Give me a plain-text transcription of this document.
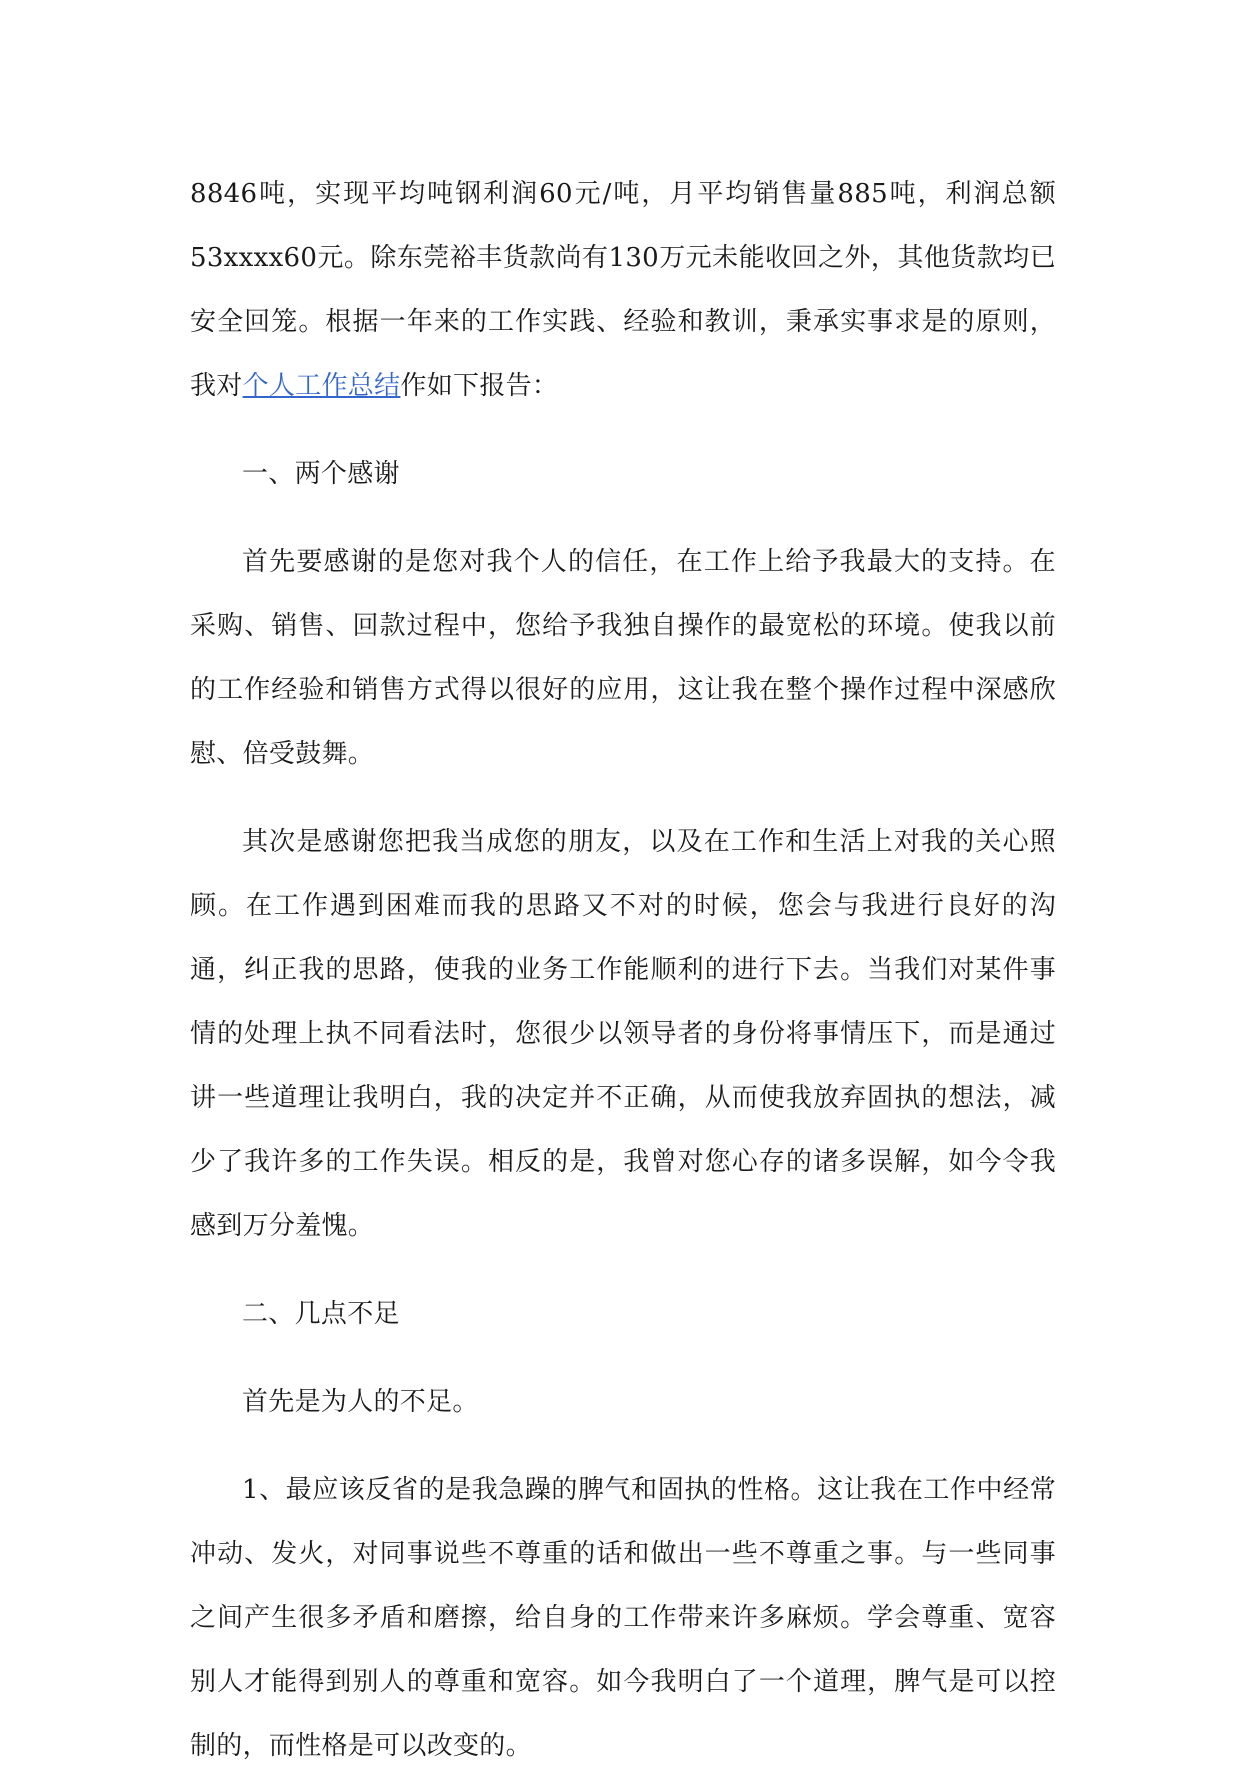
8846吨，实现平均吨钢利润60元/吨，月平均销售量885吨，利润总额53xxxx60元。除东莞裕丰货款尚有130万元未能收回之外，其他货款均已安全回笼。根据一年来的工作实践、经验和教训，秉承实事求是的原则，我对个人工作总结作如下报告：

一、两个感谢

首先要感谢的是您对我个人的信任，在工作上给予我最大的支持。在采购、销售、回款过程中，您给予我独自操作的最宽松的环境。使我以前的工作经验和销售方式得以很好的应用，这让我在整个操作过程中深感欣慰、倍受鼓舞。

其次是感谢您把我当成您的朋友，以及在工作和生活上对我的关心照顾。在工作遇到困难而我的思路又不对的时候，您会与我进行良好的沟通，纠正我的思路，使我的业务工作能顺利的进行下去。当我们对某件事情的处理上执不同看法时，您很少以领导者的身份将事情压下，而是通过讲一些道理让我明白，我的决定并不正确，从而使我放弃固执的想法，减少了我许多的工作失误。相反的是，我曾对您心存的诸多误解，如今令我感到万分羞愧。

二、几点不足

首先是为人的不足。

1、最应该反省的是我急躁的脾气和固执的性格。这让我在工作中经常冲动、发火，对同事说些不尊重的话和做出一些不尊重之事。与一些同事之间产生很多矛盾和磨擦，给自身的工作带来许多麻烦。学会尊重、宽容别人才能得到别人的尊重和宽容。如今我明白了一个道理，脾气是可以控制的，而性格是可以改变的。
